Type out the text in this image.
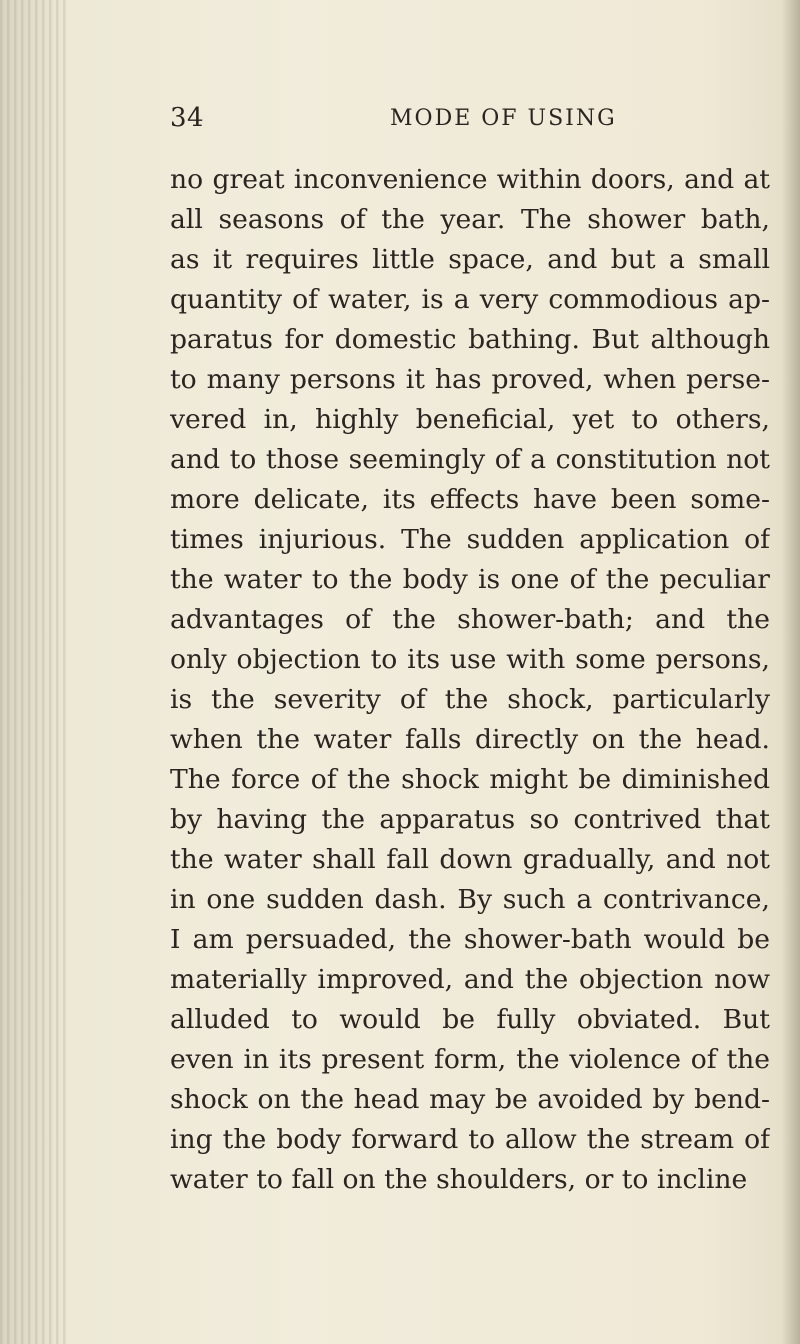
34	MODE OF USING
no great inconvenience within doors, and at
all seasons of the year. The shower bath,
as it requires little space, and but a small
quantity of water, is a very commodious ap-
paratus for domestic bathing. But although
to many persons it has proved, when perse-
vered in, highly beneficial, yet to others,
and to those seemingly of a constitution not
more delicate, its effects have been some-
times injurious. The sudden application of
the water to the body is one of the peculiar
advantages of the shower-bath; and the
only objection to its use with some persons,
is the severity of the shock, particularly
when the water falls directly on the head.
The force of the shock might be diminished
by having the apparatus so contrived that
the water shall fall down gradually, and not
in one sudden dash. By such a contrivance,
I am persuaded, the shower-bath would be
materially improved, and the objection now
alluded to would be fully obviated. But
even in its present form, the violence of the
shock on the head may be avoided by bend-
ing the body forward to allow the stream of
water to fall on the shoulders, or to incline
